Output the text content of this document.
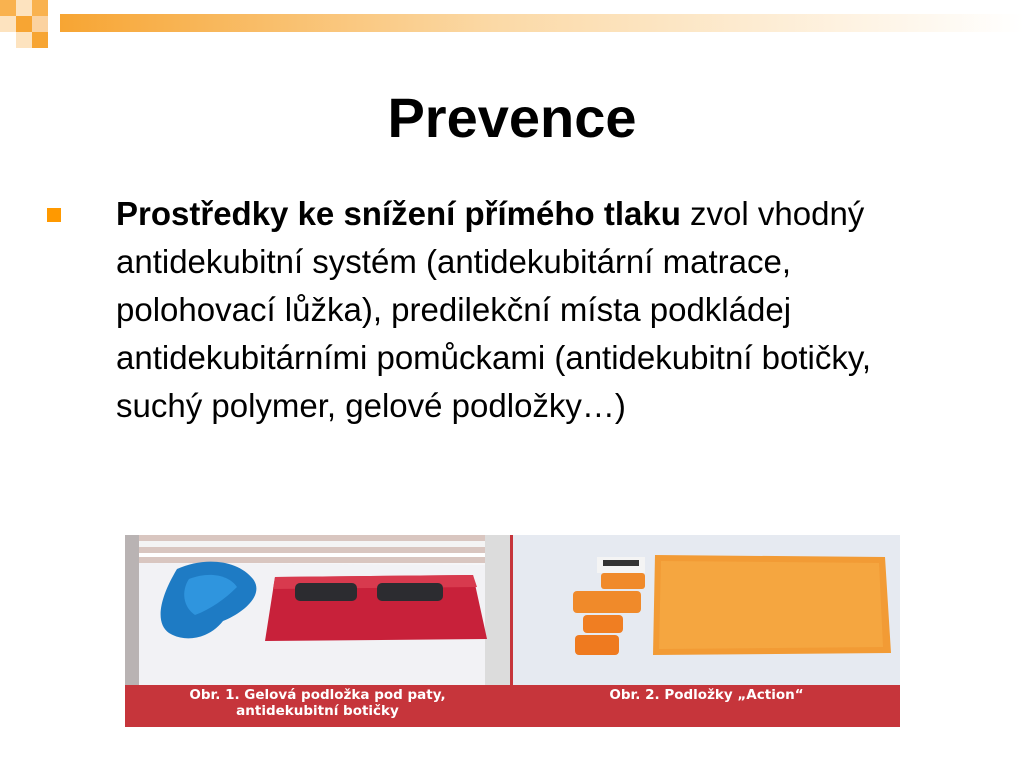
Prevence
Prostředky ke snížení přímého tlaku zvol vhodný antidekubitní systém (antidekubitární matrace, polohovací lůžka), predilekční místa podkládej antidekubitárními pomůckami (antidekubitní botičky, suchý polymer, gelové podložky…)
Obr. 1. Gelová podložka pod paty,
antidekubitní botičky
Obr. 2. Podložky „Action“
